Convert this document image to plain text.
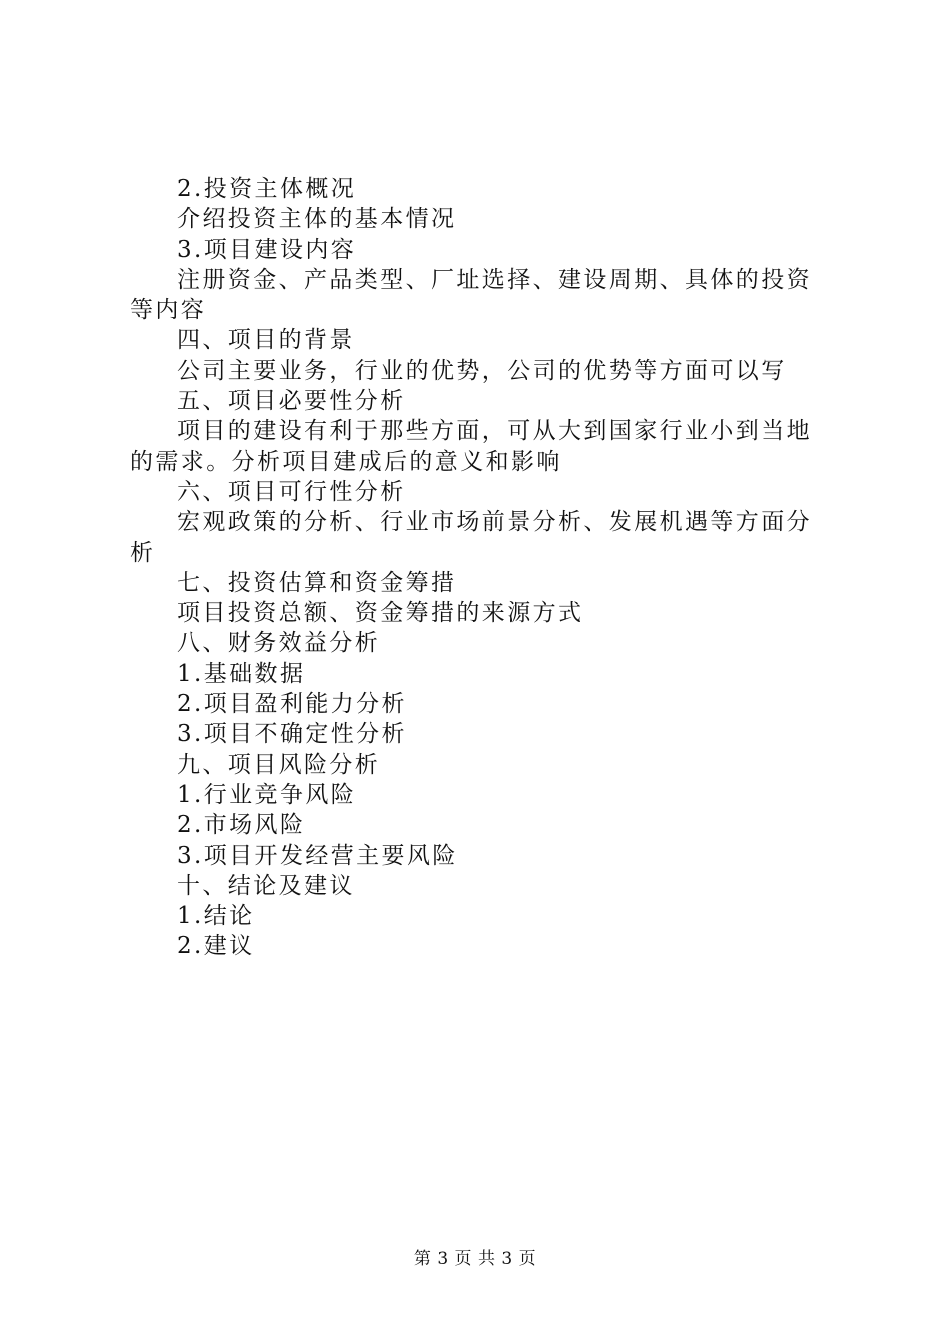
2.投资主体概况

介绍投资主体的基本情况

3.项目建设内容

注册资金、产品类型、厂址选择、建设周期、具体的投资等内容

四、项目的背景

公司主要业务，行业的优势，公司的优势等方面可以写

五、项目必要性分析

项目的建设有利于那些方面，可从大到国家行业小到当地的需求。分析项目建成后的意义和影响

六、项目可行性分析

宏观政策的分析、行业市场前景分析、发展机遇等方面分析

七、投资估算和资金筹措

项目投资总额、资金筹措的来源方式

八、财务效益分析

1.基础数据

2.项目盈利能力分析

3.项目不确定性分析

九、项目风险分析

1.行业竞争风险

2.市场风险

3.项目开发经营主要风险

十、结论及建议

1.结论

2.建议

第 3 页 共 3 页
